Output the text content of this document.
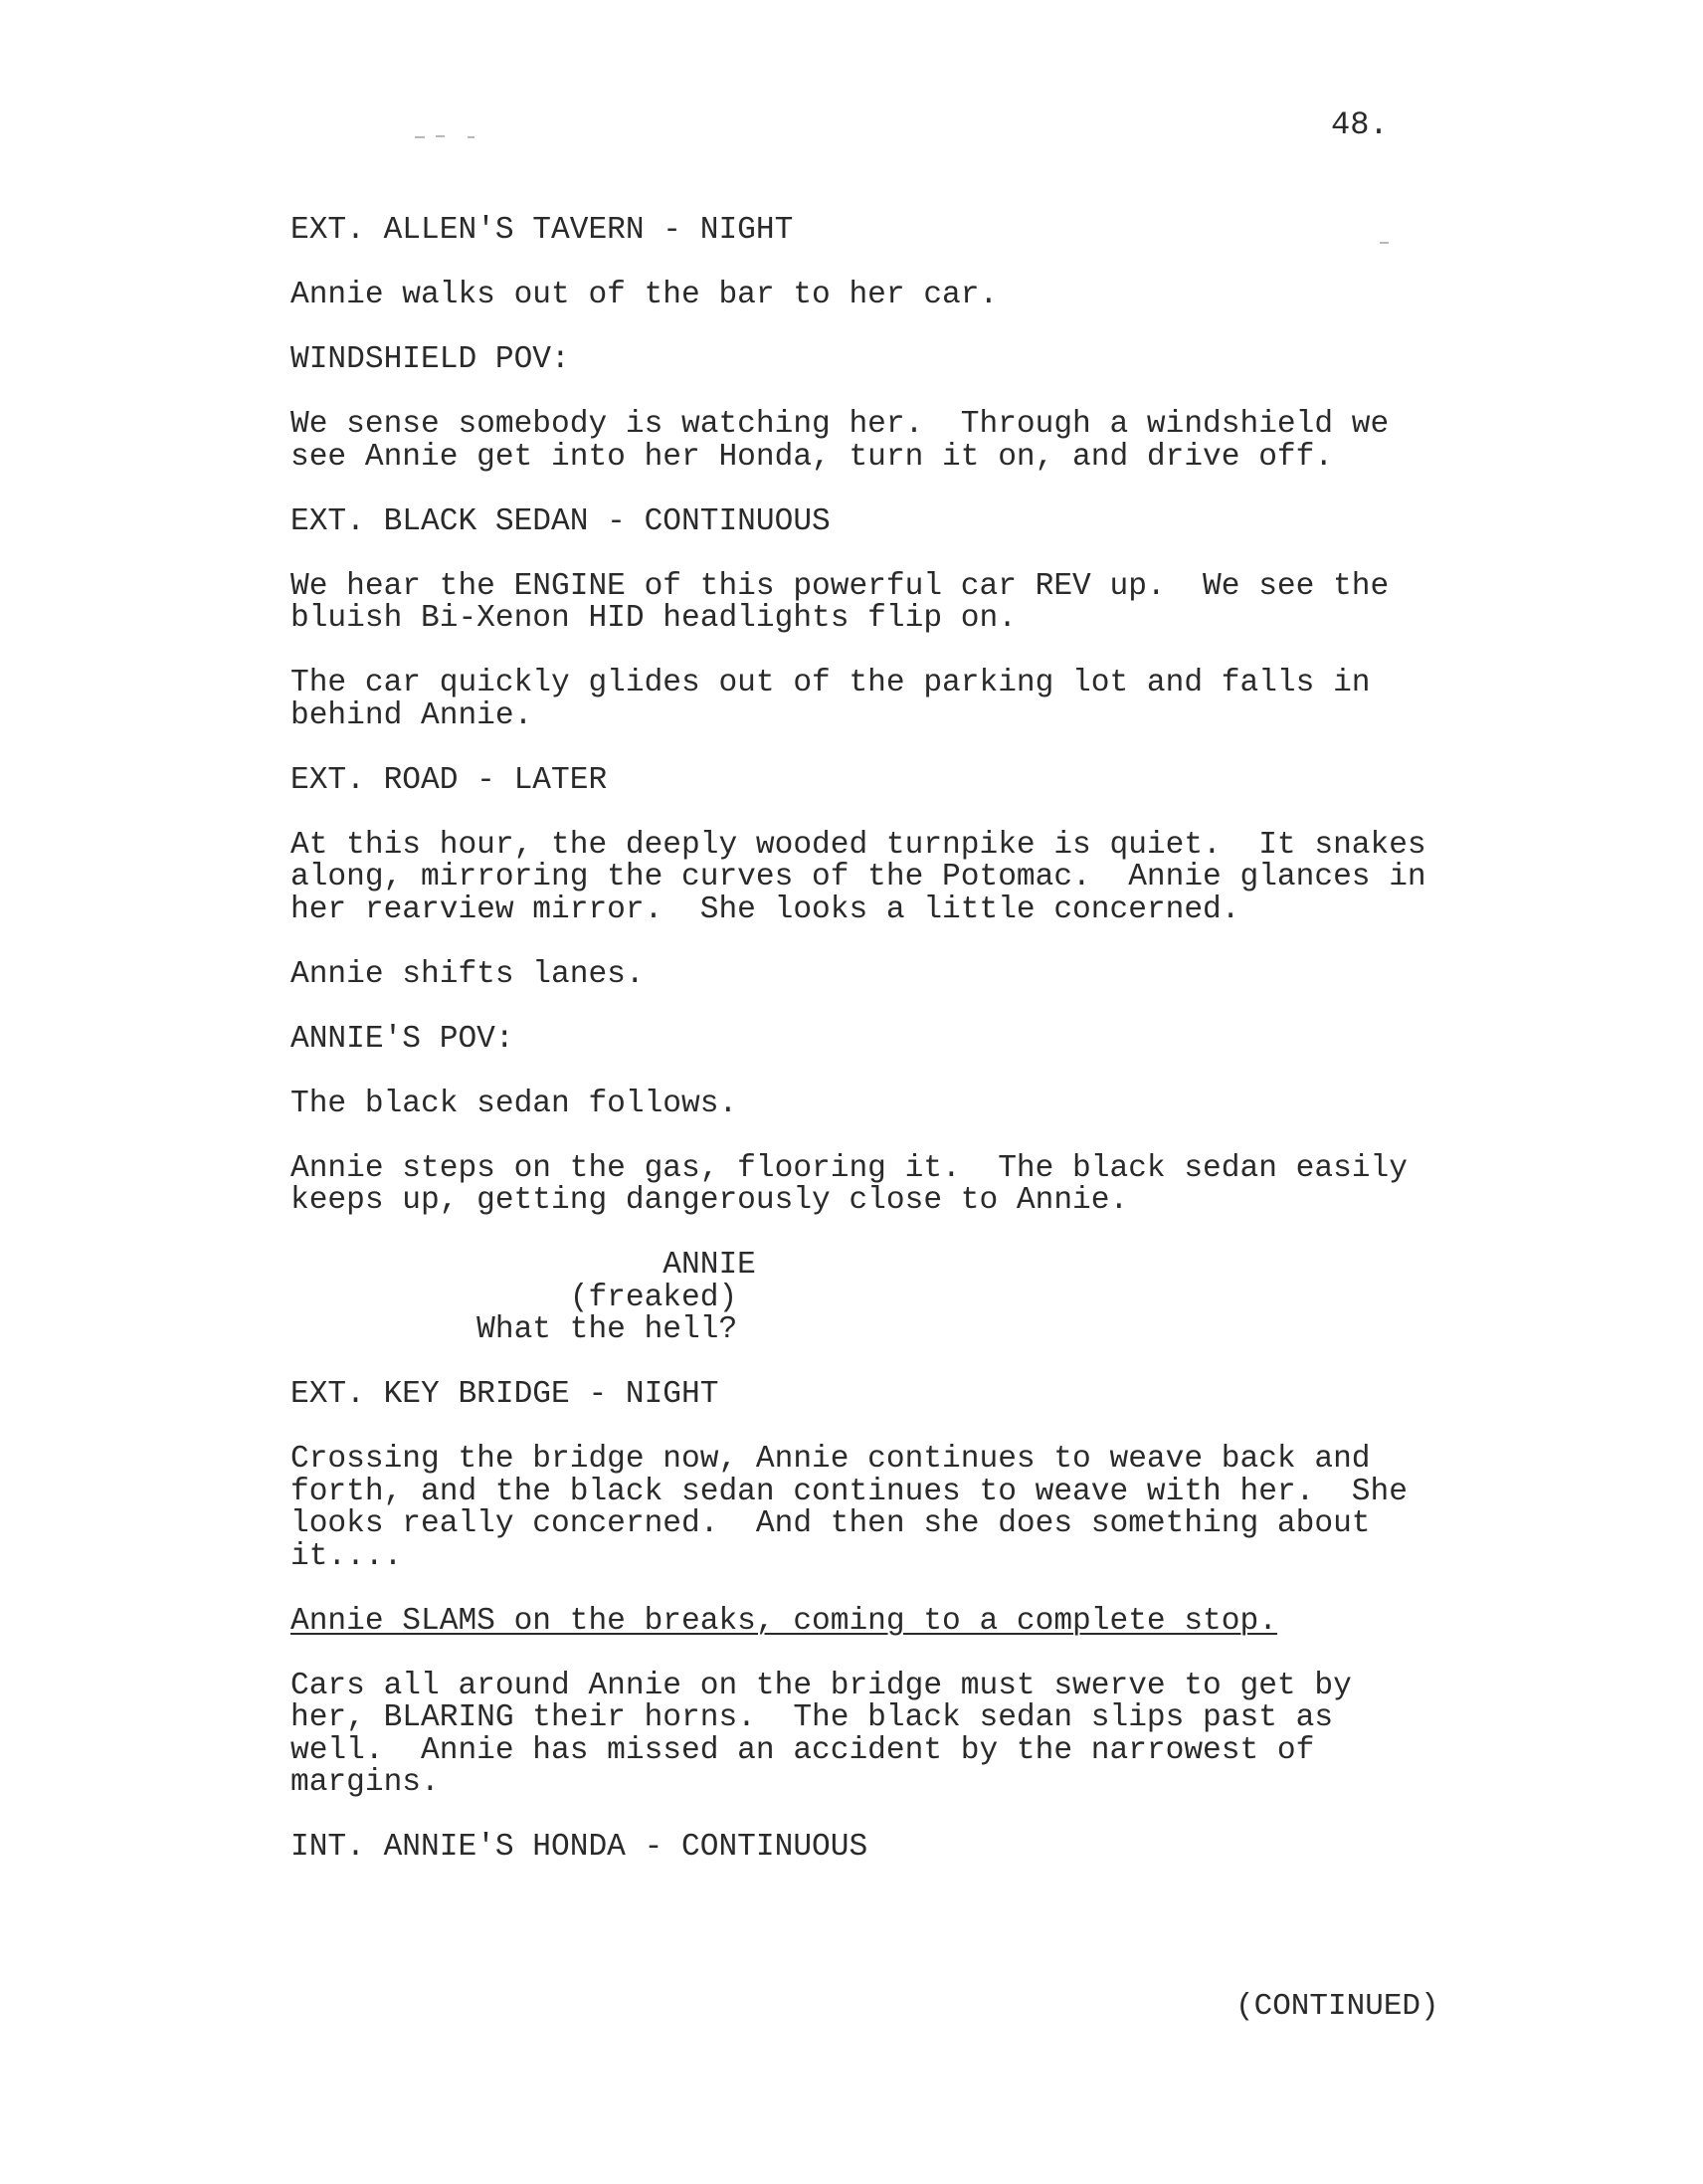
48.
EXT. ALLEN'S TAVERN - NIGHT
Annie walks out of the bar to her car.
WINDSHIELD POV:
We sense somebody is watching her.  Through a windshield we
see Annie get into her Honda, turn it on, and drive off.
EXT. BLACK SEDAN - CONTINUOUS
We hear the ENGINE of this powerful car REV up.  We see the
bluish Bi-Xenon HID headlights flip on.
The car quickly glides out of the parking lot and falls in
behind Annie.
EXT. ROAD - LATER
At this hour, the deeply wooded turnpike is quiet.  It snakes
along, mirroring the curves of the Potomac.  Annie glances in
her rearview mirror.  She looks a little concerned.
Annie shifts lanes.
ANNIE'S POV:
The black sedan follows.
Annie steps on the gas, flooring it.  The black sedan easily
keeps up, getting dangerously close to Annie.
ANNIE
(freaked)
What the hell?
EXT. KEY BRIDGE - NIGHT
Crossing the bridge now, Annie continues to weave back and
forth, and the black sedan continues to weave with her.  She
looks really concerned.  And then she does something about
it....
Annie SLAMS on the breaks, coming to a complete stop.
Cars all around Annie on the bridge must swerve to get by
her, BLARING their horns.  The black sedan slips past as
well.  Annie has missed an accident by the narrowest of
margins.
INT. ANNIE'S HONDA - CONTINUOUS
(CONTINUED)
